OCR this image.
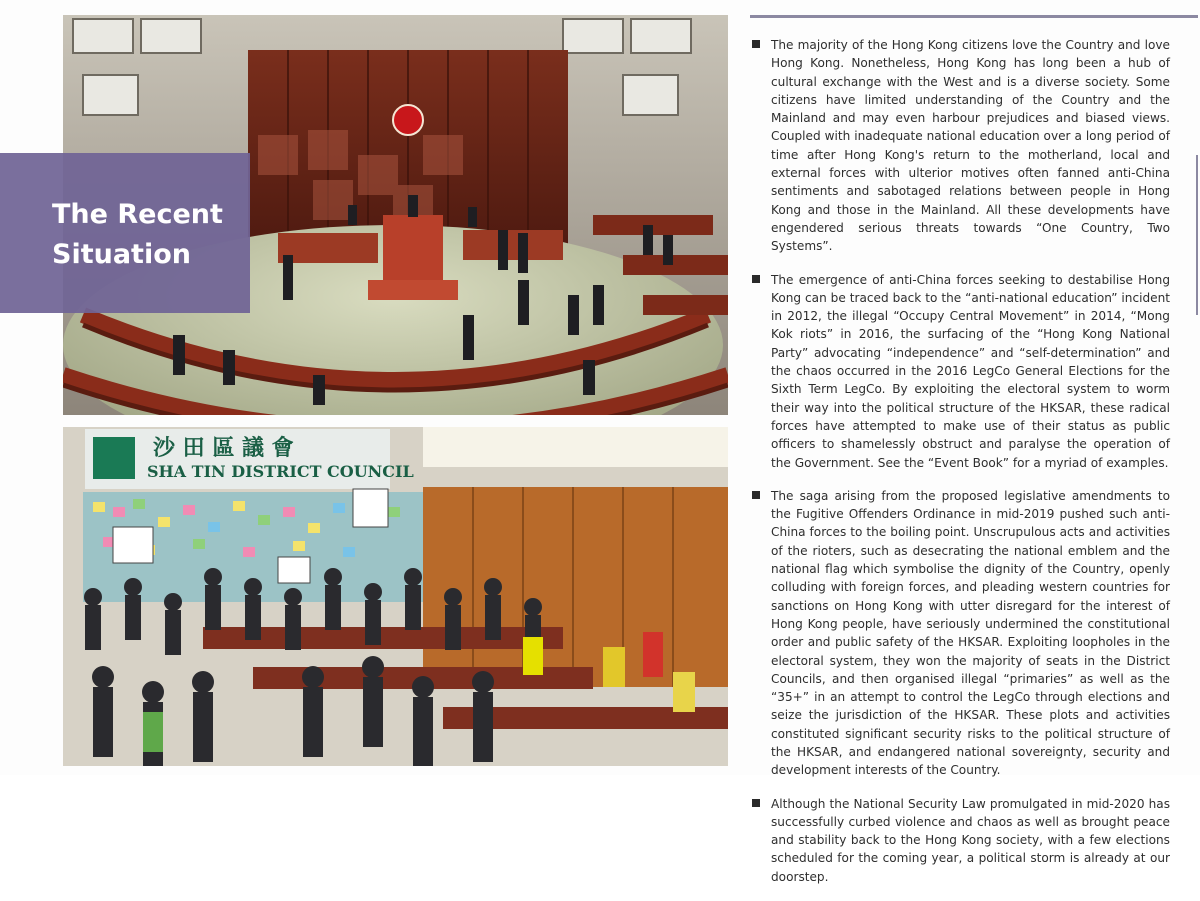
沙 田 區 議 會
SHA TIN DISTRICT COUNCIL
The Recent
Situation
The majority of the Hong Kong citizens love the Country and love Hong Kong. Nonetheless, Hong Kong has long been a hub of cultural exchange with the West and is a diverse society. Some citizens have limited understanding of the Country and the Mainland and may even harbour prejudices and biased views. Coupled with inadequate national education over a long period of time after Hong Kong's return to the motherland, local and external forces with ulterior motives often fanned anti-China sentiments and sabotaged relations between people in Hong Kong and those in the Mainland. All these developments have engendered serious threats towards “One Country, Two Systems”.
The emergence of anti-China forces seeking to destabilise Hong Kong can be traced back to the “anti-national education” incident in 2012, the illegal “Occupy Central Movement” in 2014, “Mong Kok riots” in 2016, the surfacing of the “Hong Kong National Party” advocating “independence” and “self-determination” and the chaos occurred in the 2016 LegCo General Elections for the Sixth Term LegCo. By exploiting the electoral system to worm their way into the political structure of the HKSAR, these radical forces have attempted to make use of their status as public officers to shamelessly obstruct and paralyse the operation of the Government. See the “Event Book” for a myriad of examples.
The saga arising from the proposed legislative amendments to the Fugitive Offenders Ordinance in mid-2019 pushed such anti-China forces to the boiling point. Unscrupulous acts and activities of the rioters, such as desecrating the national emblem and the national flag which symbolise the dignity of the Country, openly colluding with foreign forces, and pleading western countries for sanctions on Hong Kong with utter disregard for the interest of Hong Kong people, have seriously undermined the constitutional order and public safety of the HKSAR. Exploiting loopholes in the electoral system, they won the majority of seats in the District Councils, and then organised illegal “primaries” as well as the “35+” in an attempt to control the LegCo through elections and seize the jurisdiction of the HKSAR. These plots and activities constituted significant security risks to the political structure of the HKSAR, and endangered national sovereignty, security and development interests of the Country.
Although the National Security Law promulgated in mid-2020 has successfully curbed violence and chaos as well as brought peace and stability back to the Hong Kong society, with a few elections scheduled for the coming year, a political storm is already at our doorstep.
